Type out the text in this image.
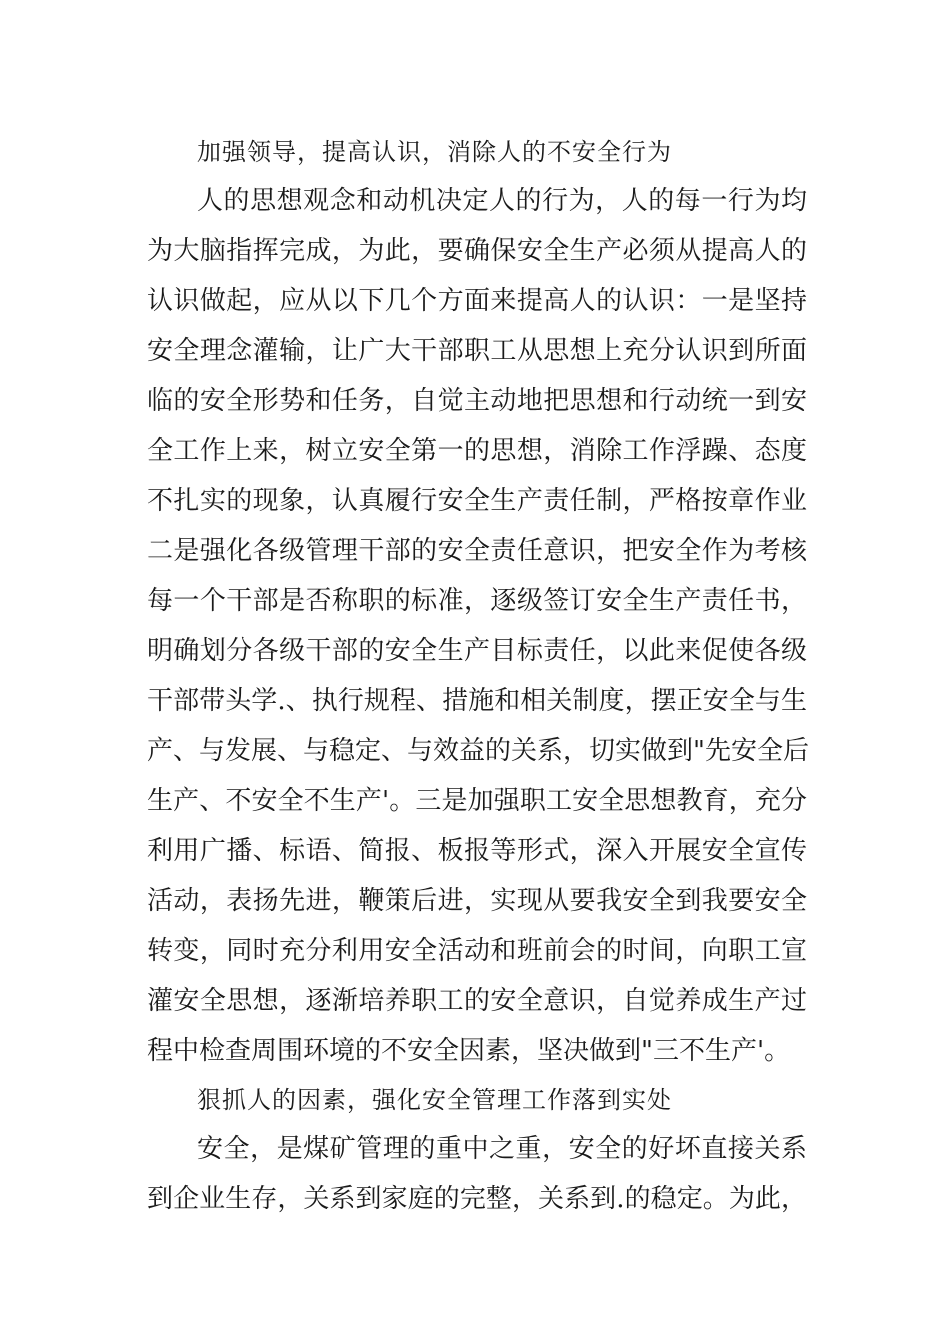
加强领导，提高认识，消除人的不安全行为
人的思想观念和动机决定人的行为，人的每一行为均
为大脑指挥完成，为此，要确保安全生产必须从提高人的
认识做起，应从以下几个方面来提高人的认识：一是坚持
安全理念灌输，让广大干部职工从思想上充分认识到所面
临的安全形势和任务，自觉主动地把思想和行动统一到安
全工作上来，树立安全第一的思想，消除工作浮躁、态度
不扎实的现象，认真履行安全生产责任制，严格按章作业
二是强化各级管理干部的安全责任意识，把安全作为考核
每一个干部是否称职的标准，逐级签订安全生产责任书，
明确划分各级干部的安全生产目标责任，以此来促使各级
干部带头学.、执行规程、措施和相关制度，摆正安全与生
产、与发展、与稳定、与效益的关系，切实做到"先安全后
生产、不安全不生产'。三是加强职工安全思想教育，充分
利用广播、标语、简报、板报等形式，深入开展安全宣传
活动，表扬先进，鞭策后进，实现从要我安全到我要安全
转变，同时充分利用安全活动和班前会的时间，向职工宣
灌安全思想，逐渐培养职工的安全意识，自觉养成生产过
程中检查周围环境的不安全因素，坚决做到"三不生产'。
狠抓人的因素，强化安全管理工作落到实处
安全，是煤矿管理的重中之重，安全的好坏直接关系
到企业生存，关系到家庭的完整，关系到.的稳定。为此，
